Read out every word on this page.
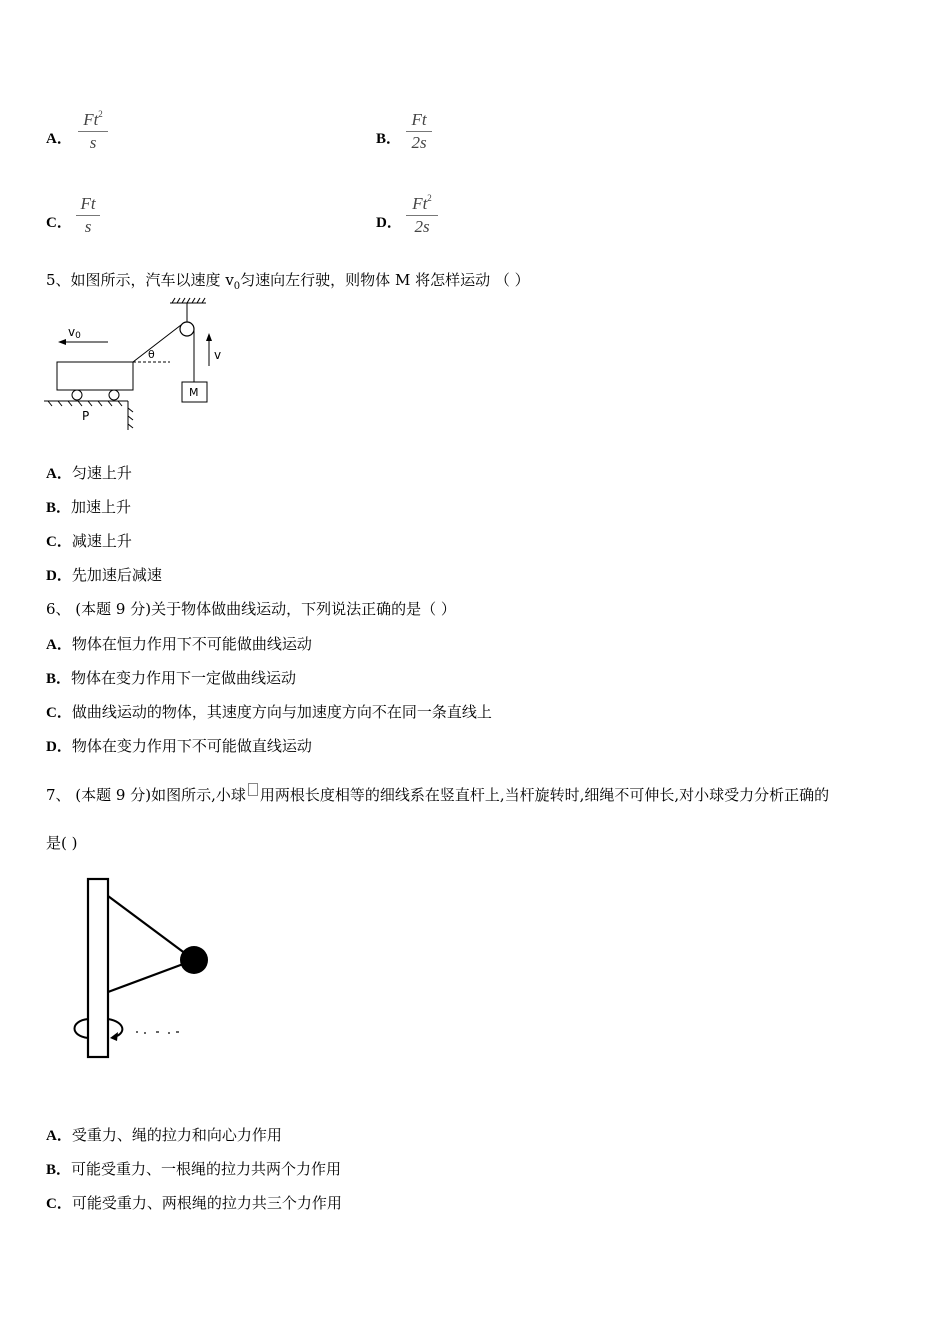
A．
Ft$^2$
s	B．
Ft
2s
C．
Ft
s	D．
Ft$^2$
2s
5、如图所示，汽车以速度 $v_0$匀速向左行驶，则物体 M 将怎样运动 （ ）
M
v
θ
v0
P
A．匀速上升
B．加速上升
C．减速上升
D．先加速后减速
6、 (本题 9 分)关于物体做曲线运动，下列说法正确的是（ ）
A．物体在恒力作用下不可能做曲线运动
B．物体在变力作用下一定做曲线运动
C．做曲线运动的物体，其速度方向与加速度方向不在同一条直线上
D．物体在变力作用下不可能做直线运动
7、 (本题 9 分)如图所示,小球 用两根长度相等的细线系在竖直杆上,当杆旋转时,细绳不可伸长,对小球受力分析正确的
是( )
A．受重力、绳的拉力和向心力作用
B．可能受重力、一根绳的拉力共两个力作用
C．可能受重力、两根绳的拉力共三个力作用
